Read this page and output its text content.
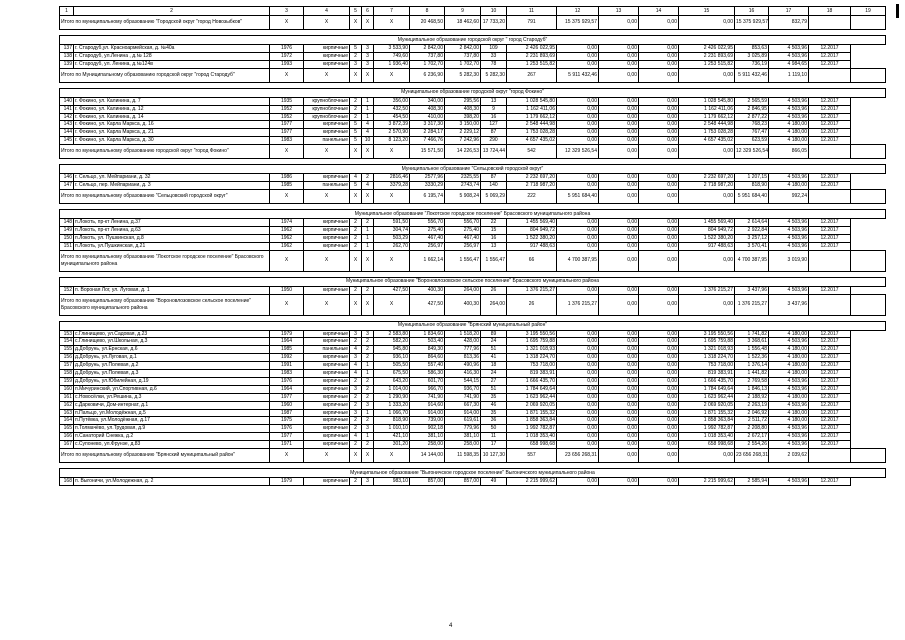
1	2	3	4	5	6	7	8	9	10	11	12	13	14	15	16	17	18	19
Итого по муниципальному образованию "Городской округ "город Новозыбков"		X	X	X	X	X	20 468,50	18 462,60	17 733,20	791	15 375 929,57	0,00	0,00	0,00	15 375 929,57	832,79		

Муниципальное образование городской округ " город Стародуб"																		
137	г. Стародуб,ул. Красноармейская, д. №40а	1976	кирпичные	5	3	3 533,90	2 842,00	2 842,00	109	2 426 022,95	0,00	0,00	0,00	2 426 022,95	853,63	4 503,96	12.2017	
138	г. Стародуб, ул.Ленина , д.№ 128	1972	кирпичные	2	3	749,60	737,80	737,80	33	2 231 893,69	0,00	0,00	0,00	2 231 893,69	3 025,89	4 503,96	12.2017	
139	г. Стародуб, ул. Ленина, д.№124в	1993	кирпичные	3	3	1 936,40	1 702,70	1 702,70	78	1 253 515,82	0,00	0,00	0,00	1 253 515,82	736,19	4 984,65	12.2017	
Итого по Муниципальному образованию городской округ "город Стародуб"		X	X	X	X	X	6 236,90	5 282,30	5 282,30	267	5 911 432,46	0,00	0,00	0,00	5 911 432,46	1 119,10		

Муниципальное образование городской округ "город Фокино"																		
140	г. Фокино, ул. Калинина, д. 7	1935	крупноблочные	2	1	356,00	340,00	295,56	13	1 028 545,80	0,00	0,00	0,00	1 028 545,80	2 565,59	4 503,96	12.2017	
141	г. Фокино, ул. Калинина, д. 12	1952	крупноблочные	2	1	432,50	408,30	408,30	9	1 162 411,06	0,00	0,00	0,00	1 162 411,06	2 846,95	4 503,96	12.2017	
142	г. Фокино, ул. Калинина, д. 14	1952	крупноблочные	2	1	454,50	410,00	398,20	16	1 179 662,12	0,00	0,00	0,00	1 179 662,12	2 877,22	4 503,96	12.2017	
143	г. Фокино, ул. Карла Маркса, д. 16	1977	кирпичные	5	4	3 872,39	3 317,30	3 150,00	127	2 548 444,98	0,00	0,00	0,00	2 548 444,98	768,23	4 180,00	12.2017	
144	г. Фокино, ул. Карла Маркса, д. 21	1977	кирпичные	5	4	2 570,90	2 284,17	2 229,12	87	1 753 028,28	0,00	0,00	0,00	1 753 028,28	767,47	4 180,00	12.2017	
145	г. Фокино, ул. Карла Маркса, д. 30	1983	панельные	5	10	8 123,20	7 466,76	7 242,96	290	4 657 435,02	0,00	0,00	0,00	4 657 435,02	623,59	4 180,00	12.2017	
Итого по муниципальному образованию городской округ "город Фокино"		X	X	X	X	X	15 571,50	14 226,53	13 724,44	542	12 329 526,54	0,00	0,00	0,00	12 329 526,54	866,05		

Муниципальное образование "Сельцовский городской округ"																		
146	г. Сельцо, ул. Мейпариани, д. 32	1986	кирпичные	4	2	2816,46	2577,96	2325,55	87	2 232 697,20	0,00	0,00	0,00	2 232 697,20	1 207,15	4 503,96	12.2017	
147	г. Сельцо, пер. Мейпариани, д. 3	1985	панельные	5	4	3379,28	3330,29	2743,74	140	2 718 987,20	0,00	0,00	0,00	2 718 987,20	818,90	4 180,00	12.2017	
Итого по муниципальному образованию "Сельцовский городской округ"		X	X	X	X	X	6 195,74	5 908,24	5 069,29	222	5 951 684,40	0,00	0,00	0,00	5 951 684,40	992,24		

Муниципальное образование "Локотское городское поселение" Брасовского муниципального района																		
148	п.Локоть, пр-кт Ленина, д.37	1974	кирпичные	2	2	591,50	556,70	556,70	22	1 455 569,40	0,00	0,00	0,00	1 455 569,40	2 614,64	4 503,96	12.2017	
149	п.Локоть, пр-кт Ленина, д.63	1962	кирпичные	2	1	304,74	275,40	275,40	15	804 949,72	0,00	0,00	0,00	804 949,72	2 922,84	4 503,96	12.2017	
150	п.Локоть, ул. Пушкинская, д.8	1962	кирпичные	2	1	503,29	467,40	467,40	16	1 522 380,20	0,00	0,00	0,00	1 522 380,20	3 257,12	4 503,96	12.2017	
151	п.Локоть, ул.Пушкинская, д.21	1962	кирпичные	2	1	262,70	256,97	256,97	13	917 488,63	0,00	0,00	0,00	917 488,63	3 570,41	4 503,96	12.2017	
Итого по муниципальному образованию "Локотское городское поселение" Брасовского муниципального района		X	X	X	X	X	1 662,14	1 556,47	1 556,47	66	4 700 387,95	0,00	0,00	0,00	4 700 387,95	3 019,90		

Муниципальное образование "Вороновлозовское сельское поселение" Брасовского муниципального района																		
152	п. Вороная Лог, ул. Луговая, д. 1	1950	кирпичные	2	2	427,50	400,30	264,00	26	1 376 215,27	0,00	0,00	0,00	1 376 215,27	3 437,96	4 503,96	12.2017	
Итого по муниципальному образованию "Вороновлозовское сельское поселение" Брасовского муниципального района		X	X	X	X	X	427,50	400,30	264,00	26	1 376 215,27	0,00	0,00	0,00	1 376 215,27	3 437,96		

Муниципальное образование "Брянский муниципальный район"																		
153	с.Глинищево, ул.Садовая, д.23	1979	кирпичные	3	3	2 583,80	1 834,60	1 518,20	89	3 195 550,56	0,00	0,00	0,00	3 195 550,56	1 741,82	4 180,00	12.2017	
154	с.Глинищево, ул.Школьная, д.3	1964	кирпичные	2	2	582,20	503,40	428,00	24	1 695 759,88	0,00	0,00	0,00	1 695 759,88	3 368,61	4 503,96	12.2017	
155	д.Добрунь, ул.Ернская, д.6	1985	панельные	4	2	945,80	849,30	777,96	51	1 321 018,93	0,00	0,00	0,00	1 321 018,93	1 556,48	4 180,00	12.2017	
156	д.Добрунь, ул.Луговая, д.1	1992	кирпичные	3	2	936,10	864,60	813,36	41	1 318 224,70	0,00	0,00	0,00	1 318 224,70	1 522,36	4 180,00	12.2017	
157	д.Добрунь, ул.Полевая, д.2	1991	кирпичные	4	1	505,50	557,40	490,96	18	753 718,00	0,00	0,00	0,00	753 718,00	1 376,14	4 180,00	12.2017	
158	д.Добрунь, ул.Полевая, д.3	1983	кирпичные	4	1	675,50	586,30	416,30	24	819 383,91	0,00	0,00	0,00	819 383,91	1 441,82	4 180,00	12.2017	
159	д.Добрунь, ул.Юбилейная, д.19	1976	кирпичные	2	2	643,20	601,70	544,15	27	1 666 435,70	0,00	0,00	0,00	1 666 435,70	2 769,58	4 503,96	12.2017	
160	п.Мичуринский, ул.Спортивная, д.6	1964	кирпичные	3	2	1 014,00	966,70	936,70	51	1 784 649,64	0,00	0,00	0,00	1 784 649,64	1 846,13	4 503,96	12.2017	
161	с.Новосёлки, ул.Решина, д.3	1977	кирпичные	2	2	1 290,90	741,90	741,90	35	1 623 962,44	0,00	0,00	0,00	1 623 962,44	2 188,92	4 180,00	12.2017	
162	с.Дарковичи, Дом-интернат, д.1	1960	кирпичные	2	3	1 333,20	914,60	667,30	46	2 069 920,05	0,00	0,00	0,00	2 069 920,05	2 263,19	4 503,96	12.2017	
163	п.Пальцо, ул.Молодёжная, д.5	1987	кирпичные	3	1	1 066,70	914,00	914,00	35	1 871 155,32	0,00	0,00	0,00	1 871 155,32	2 046,92	4 180,00	12.2017	
164	п.Путёвка, ул.Молодёжная, д.17	1975	кирпичные	2	2	818,90	739,00	619,61	36	1 858 363,84	0,00	0,00	0,00	1 858 363,84	2 511,72	4 180,00	12.2017	
165	п.Толмачёво, ул.Трудовая, д.9	1976	кирпичные	2	3	1 010,10	902,18	779,96	50	1 992 782,87	0,00	0,00	0,00	1 992 782,87	2 208,80	4 503,96	12.2017	
166	п.Санаторий Снежка, д.2	1977	кирпичные	4	1	421,10	381,10	381,10	11	1 018 353,40	0,00	0,00	0,00	1 018 353,40	2 672,17	4 503,96	12.2017	
167	с.Супонево, ул.Фрунзе, д.83	1971	кирпичные	2	2	301,20	258,00	258,00	17	658 998,68	0,00	0,00	0,00	658 998,68	2 554,26	4 503,96	12.2017	
Итого по муниципальному образованию "Брянский муниципальный район"		X	X	X	X	X	14 144,00	11 598,35	10 127,30	557	23 656 268,31	0,00	0,00	0,00	23 656 268,31	2 039,62		

Муниципальное образование "Выгоничское городское поселение" Выгоничского муниципального района																		
168	п. Выгоничи, ул.Молодежная, д. 2	1979	кирпичные	2	3	983,10	857,00	857,00	49	2 215 999,62	0,00	0,00	0,00	2 215 999,62	2 585,94	4 503,96	12.2017	
4
